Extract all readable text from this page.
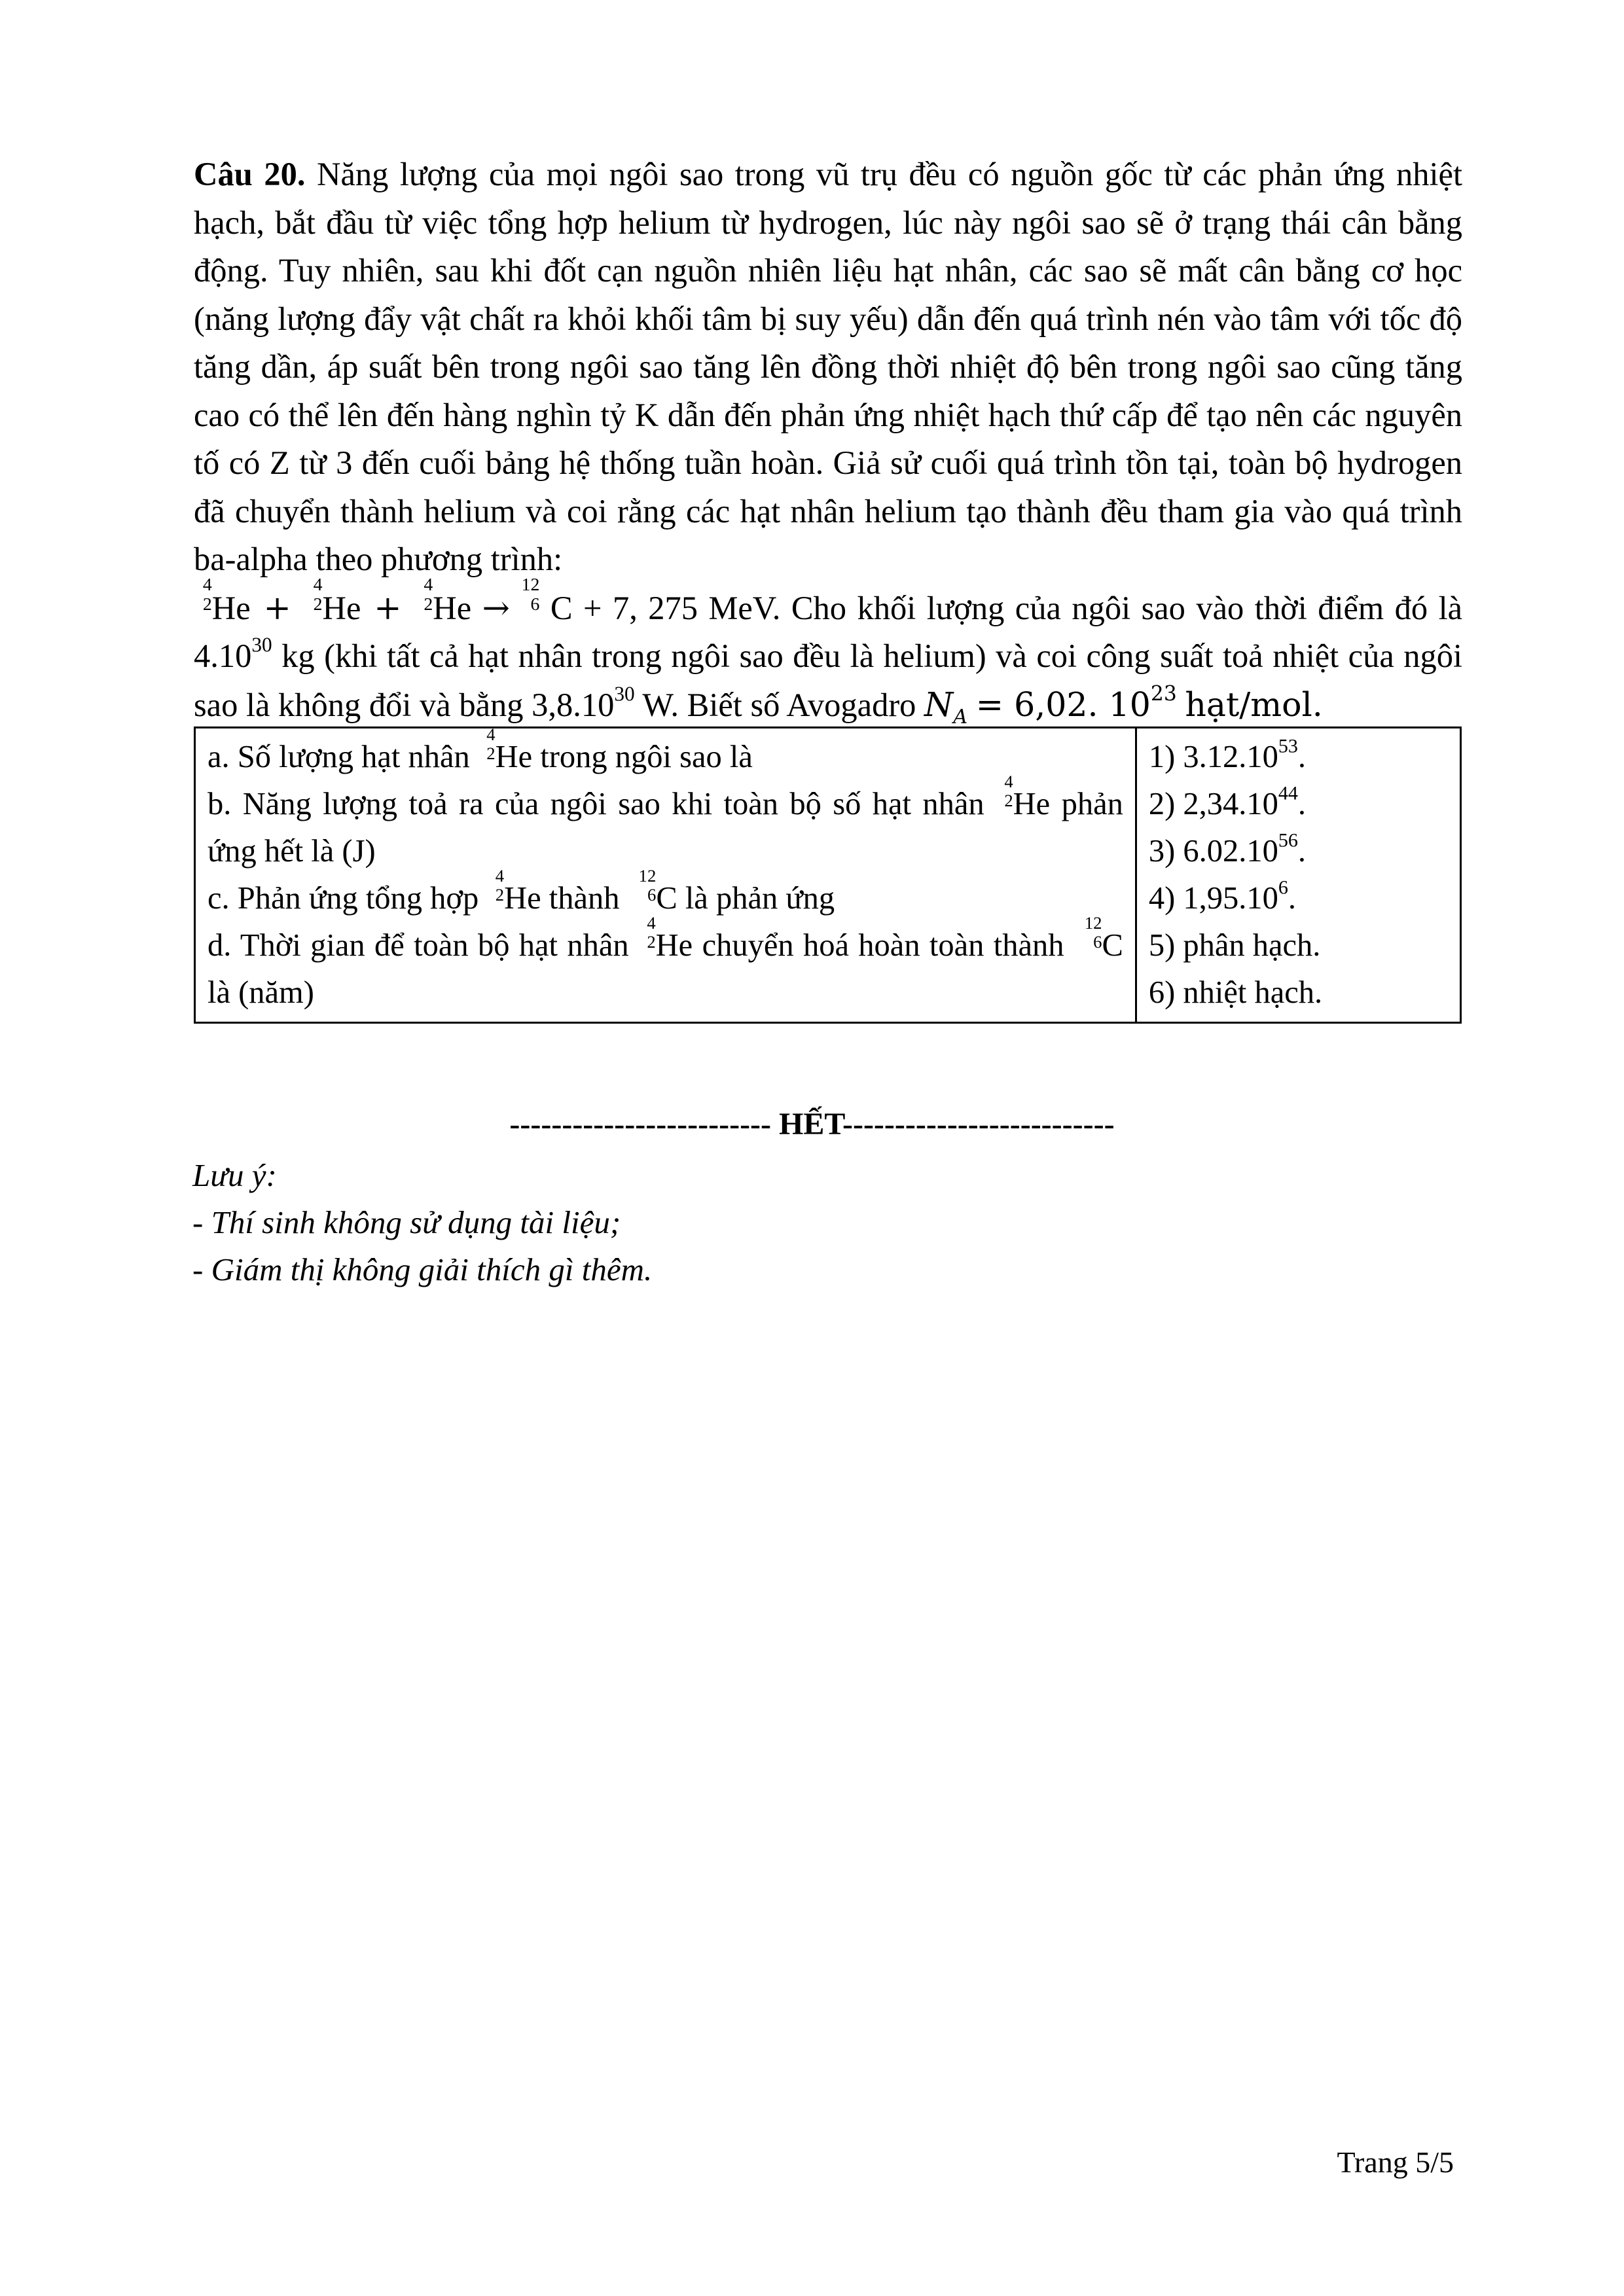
Câu 20. Năng lượng của mọi ngôi sao trong vũ trụ đều có nguồn gốc từ các phản ứng nhiệt hạch, bắt đầu từ việc tổng hợp helium từ hydrogen, lúc này ngôi sao sẽ ở trạng thái cân bằng động. Tuy nhiên, sau khi đốt cạn nguồn nhiên liệu hạt nhân, các sao sẽ mất cân bằng cơ học (năng lượng đẩy vật chất ra khỏi khối tâm bị suy yếu) dẫn đến quá trình nén vào tâm với tốc độ tăng dần, áp suất bên trong ngôi sao tăng lên đồng thời nhiệt độ bên trong ngôi sao cũng tăng cao có thể lên đến hàng nghìn tỷ K dẫn đến phản ứng nhiệt hạch thứ cấp để tạo nên các nguyên tố có Z từ 3 đến cuối bảng hệ thống tuần hoàn. Giả sử cuối quá trình tồn tại, toàn bộ hydrogen đã chuyển thành helium và coi rằng các hạt nhân helium tạo thành đều tham gia vào quá trình ba-alpha theo phương trình:

4
2 He +
4
2 He +
4
2 He →
12
6 C + 7, 275 MeV. Cho khối lượng của ngôi sao vào thời điểm đó là 4.10$^{30}$ kg (khi tất cả hạt nhân trong ngôi sao đều là helium) và coi công suất toả nhiệt của ngôi sao là không đổi và bằng 3,8.10$^{30}$ W. Biết số Avogadro $N_A = 6,02$. $10^{23}$ hạt/mol.
a. Số lượng hạt nhân
4
2 He trong ngôi sao là
b. Năng lượng toả ra của ngôi sao khi toàn bộ số hạt nhân
4
2 He phản ứng hết là (J)
c. Phản ứng tổng hợp
4
2 He thành
12
6 C là phản ứng
d. Thời gian để toàn bộ hạt nhân
4
2 He chuyển hoá hoàn toàn thành
12
6 C là (năm)

1) 3.12.10$^{53}$.
2) 2,34.10$^{44}$.
3) 6.02.10$^{56}$.
4) 1,95.10$^6$.
5) phân hạch.
6) nhiệt hạch.
------------------------- HẾT--------------------------
Lưu ý:
- Thí sinh không sử dụng tài liệu;
- Giám thị không giải thích gì thêm.
Trang 5/5
